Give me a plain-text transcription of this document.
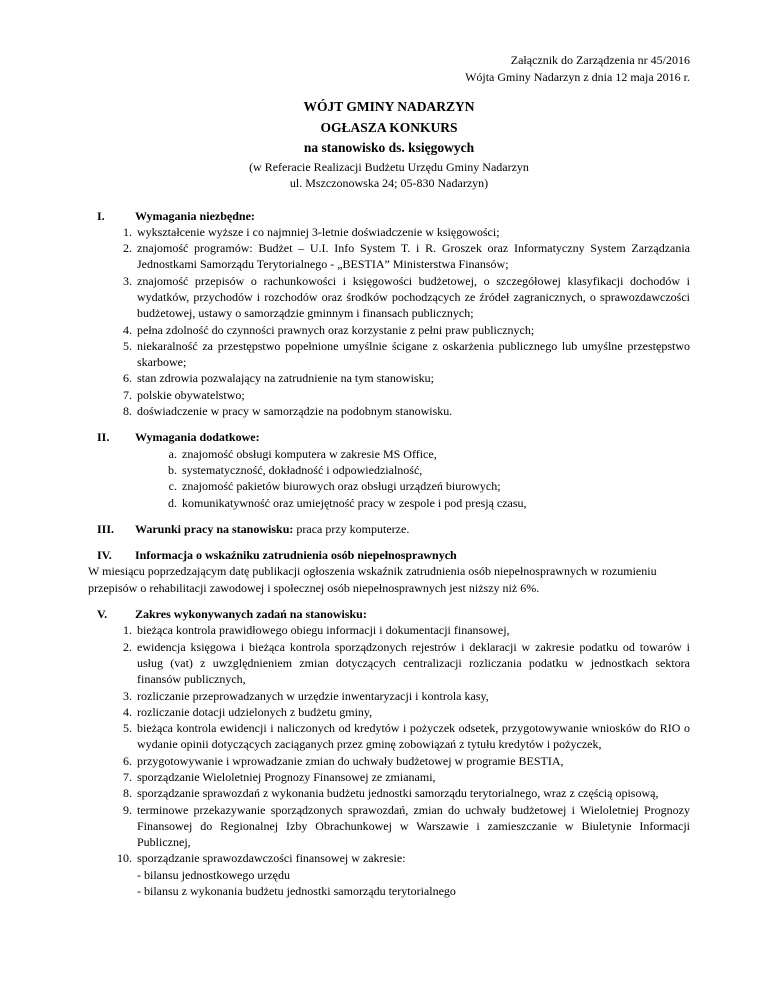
Załącznik do Zarządzenia nr 45/2016
Wójta Gminy Nadarzyn z dnia 12 maja 2016 r.
WÓJT GMINY NADARZYN
OGŁASZA KONKURS
na stanowisko ds. księgowych
(w Referacie Realizacji Budżetu Urzędu Gminy Nadarzyn
ul. Mszczonowska 24; 05-830 Nadarzyn)
I.	Wymagania niezbędne:
1. wykształcenie wyższe i co najmniej 3-letnie doświadczenie w księgowości;
2. znajomość programów: Budżet – U.I. Info System T. i R. Groszek oraz Informatyczny System Zarządzania Jednostkami Samorządu Terytorialnego - „BESTIA” Ministerstwa Finansów;
3. znajomość przepisów o rachunkowości i księgowości budżetowej, o szczegółowej klasyfikacji dochodów i wydatków, przychodów i rozchodów oraz środków pochodzących ze źródeł zagranicznych, o sprawozdawczości budżetowej, ustawy o samorządzie gminnym i finansach publicznych;
4. pełna zdolność do czynności prawnych oraz korzystanie z pełni praw publicznych;
5. niekaralność za przestępstwo popełnione umyślnie ścigane z oskarżenia publicznego lub umyślne przestępstwo skarbowe;
6. stan zdrowia pozwalający na zatrudnienie na tym stanowisku;
7. polskie obywatelstwo;
8. doświadczenie w pracy w samorządzie na podobnym stanowisku.
II.	Wymagania dodatkowe:
a. znajomość obsługi komputera w zakresie MS Office,
b. systematyczność, dokładność i odpowiedzialność,
c. znajomość pakietów biurowych oraz obsługi urządzeń biurowych;
d. komunikatywność oraz umiejętność pracy w zespole i pod presją czasu,
III.	Warunki pracy na stanowisku: praca przy komputerze.
IV.	Informacja o wskaźniku zatrudnienia osób niepełnosprawnych
W miesiącu poprzedzającym datę publikacji ogłoszenia wskaźnik zatrudnienia osób niepełnosprawnych w rozumieniu przepisów o rehabilitacji zawodowej i społecznej osób niepełnosprawnych jest niższy niż 6%.
V.	Zakres wykonywanych zadań na stanowisku:
1. bieżąca kontrola prawidłowego obiegu informacji i dokumentacji finansowej,
2. ewidencja księgowa i bieżąca kontrola sporządzonych rejestrów i deklaracji w zakresie podatku od towarów i usług (vat) z uwzględnieniem zmian dotyczących centralizacji rozliczania podatku w jednostkach sektora finansów publicznych,
3. rozliczanie przeprowadzanych w urzędzie inwentaryzacji i kontrola kasy,
4. rozliczanie dotacji udzielonych z budżetu gminy,
5. bieżąca kontrola ewidencji i naliczonych od kredytów i pożyczek odsetek, przygotowywanie wniosków do RIO o wydanie opinii dotyczących zaciąganych przez gminę zobowiązań z tytułu kredytów i pożyczek,
6. przygotowywanie i wprowadzanie zmian do uchwały budżetowej w programie BESTIA,
7. sporządzanie Wieloletniej Prognozy Finansowej ze zmianami,
8. sporządzanie sprawozdań z wykonania budżetu jednostki samorządu terytorialnego, wraz z częścią opisową,
9. terminowe przekazywanie sporządzonych sprawozdań, zmian do uchwały budżetowej i Wieloletniej Prognozy Finansowej do Regionalnej Izby Obrachunkowej w Warszawie i zamieszczanie w Biuletynie Informacji Publicznej,
10. sporządzanie sprawozdawczości finansowej w zakresie:
- bilansu jednostkowego urzędu
- bilansu z wykonania budżetu jednostki samorządu terytorialnego
